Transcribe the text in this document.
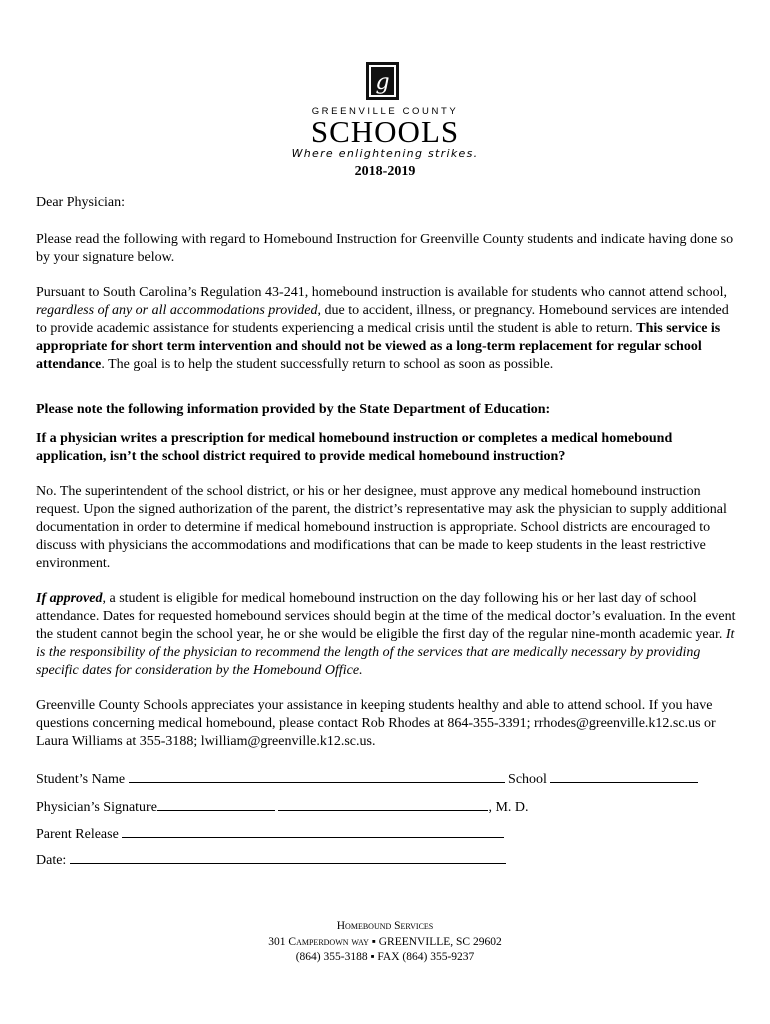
g
GREENVILLE COUNTY
SCHOOLS
Where enlightening strikes.
2018-2019

Dear Physician:

Please read the following with regard to Homebound Instruction for Greenville County students and indicate having done so by your signature below.

Pursuant to South Carolina’s Regulation 43-241, homebound instruction is available for students who cannot attend school, regardless of any or all accommodations provided, due to accident, illness, or pregnancy. Homebound services are intended to provide academic assistance for students experiencing a medical crisis until the student is able to return. This service is appropriate for short term intervention and should not be viewed as a long-term replacement for regular school attendance. The goal is to help the student successfully return to school as soon as possible.

Please note the following information provided by the State Department of Education:

If a physician writes a prescription for medical homebound instruction or completes a medical homebound application, isn’t the school district required to provide medical homebound instruction?

No. The superintendent of the school district, or his or her designee, must approve any medical homebound instruction request. Upon the signed authorization of the parent, the district’s representative may ask the physician to supply additional documentation in order to determine if medical homebound instruction is appropriate. School districts are encouraged to discuss with physicians the accommodations and modifications that can be made to keep students in the least restrictive environment.

If approved, a student is eligible for medical homebound instruction on the day following his or her last day of school attendance. Dates for requested homebound services should begin at the time of the medical doctor’s evaluation. In the event the student cannot begin the school year, he or she would be eligible the first day of the regular nine-month academic year. It is the responsibility of the physician to recommend the length of the services that are medically necessary by providing specific dates for consideration by the Homebound Office.

Greenville County Schools appreciates your assistance in keeping students healthy and able to attend school. If you have questions concerning medical homebound, please contact Rob Rhodes at 864-355-3391; rrhodes@greenville.k12.sc.us or Laura Williams at 355-3188; lwilliam@greenville.k12.sc.us.

Student’s Name	School
Physician’s Signature	, M. D.
Parent Release
Date:
Homebound Services
301 Camperdown way ▪ GREENVILLE, SC 29602
(864) 355-3188 ▪ FAX (864) 355-9237
